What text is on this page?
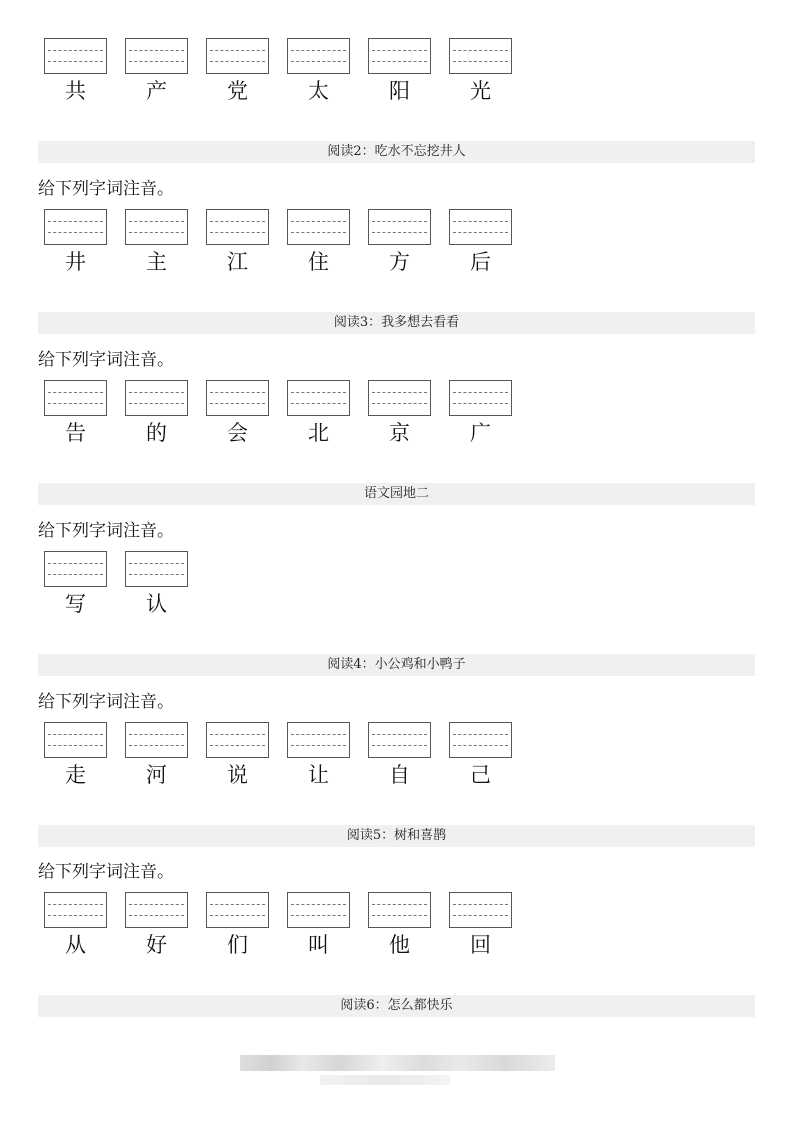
共	产	党	太	阳	光
阅读2：吃水不忘挖井人
给下列字词注音。
井	主	江	住	方	后
阅读3：我多想去看看
给下列字词注音。
告	的	会	北	京	广
语文园地二
给下列字词注音。
写	认
阅读4：小公鸡和小鸭子
给下列字词注音。
走	河	说	让	自	己
阅读5：树和喜鹊
给下列字词注音。
从	好	们	叫	他	回
阅读6：怎么都快乐
